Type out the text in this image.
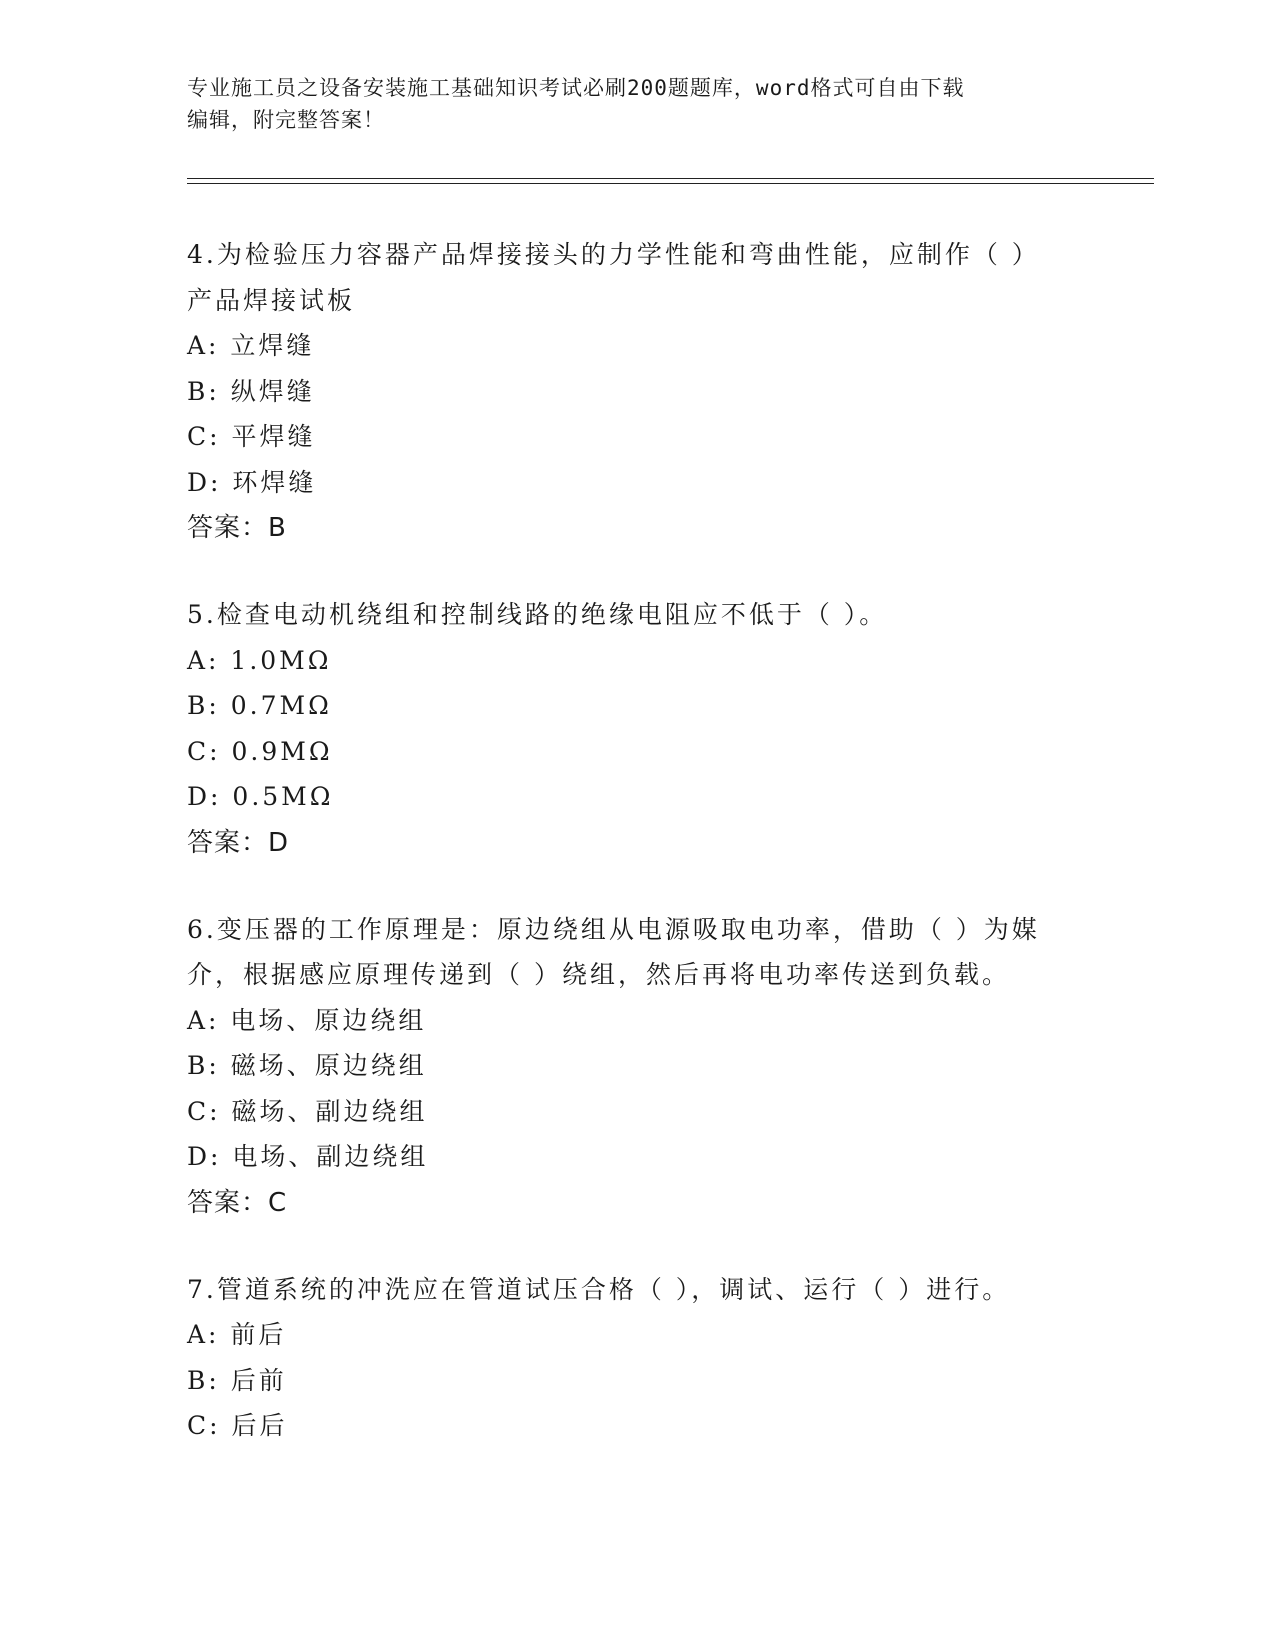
专业施工员之设备安装施工基础知识考试必刷200题题库，word格式可自由下载
编辑，附完整答案！
4.为检验压力容器产品焊接接头的力学性能和弯曲性能，应制作（ ）
产品焊接试板
A: 立焊缝
B: 纵焊缝
C: 平焊缝
D: 环焊缝
答案：B
5.检查电动机绕组和控制线路的绝缘电阻应不低于（ ）。
A: 1.0MΩ
B: 0.7MΩ
C: 0.9MΩ
D: 0.5MΩ
答案：D
6.变压器的工作原理是：原边绕组从电源吸取电功率，借助（ ）为媒
介，根据感应原理传递到（ ）绕组，然后再将电功率传送到负载。
A: 电场、原边绕组
B: 磁场、原边绕组
C: 磁场、副边绕组
D: 电场、副边绕组
答案：C
7.管道系统的冲洗应在管道试压合格（ ），调试、运行（ ）进行。
A: 前后
B: 后前
C: 后后
